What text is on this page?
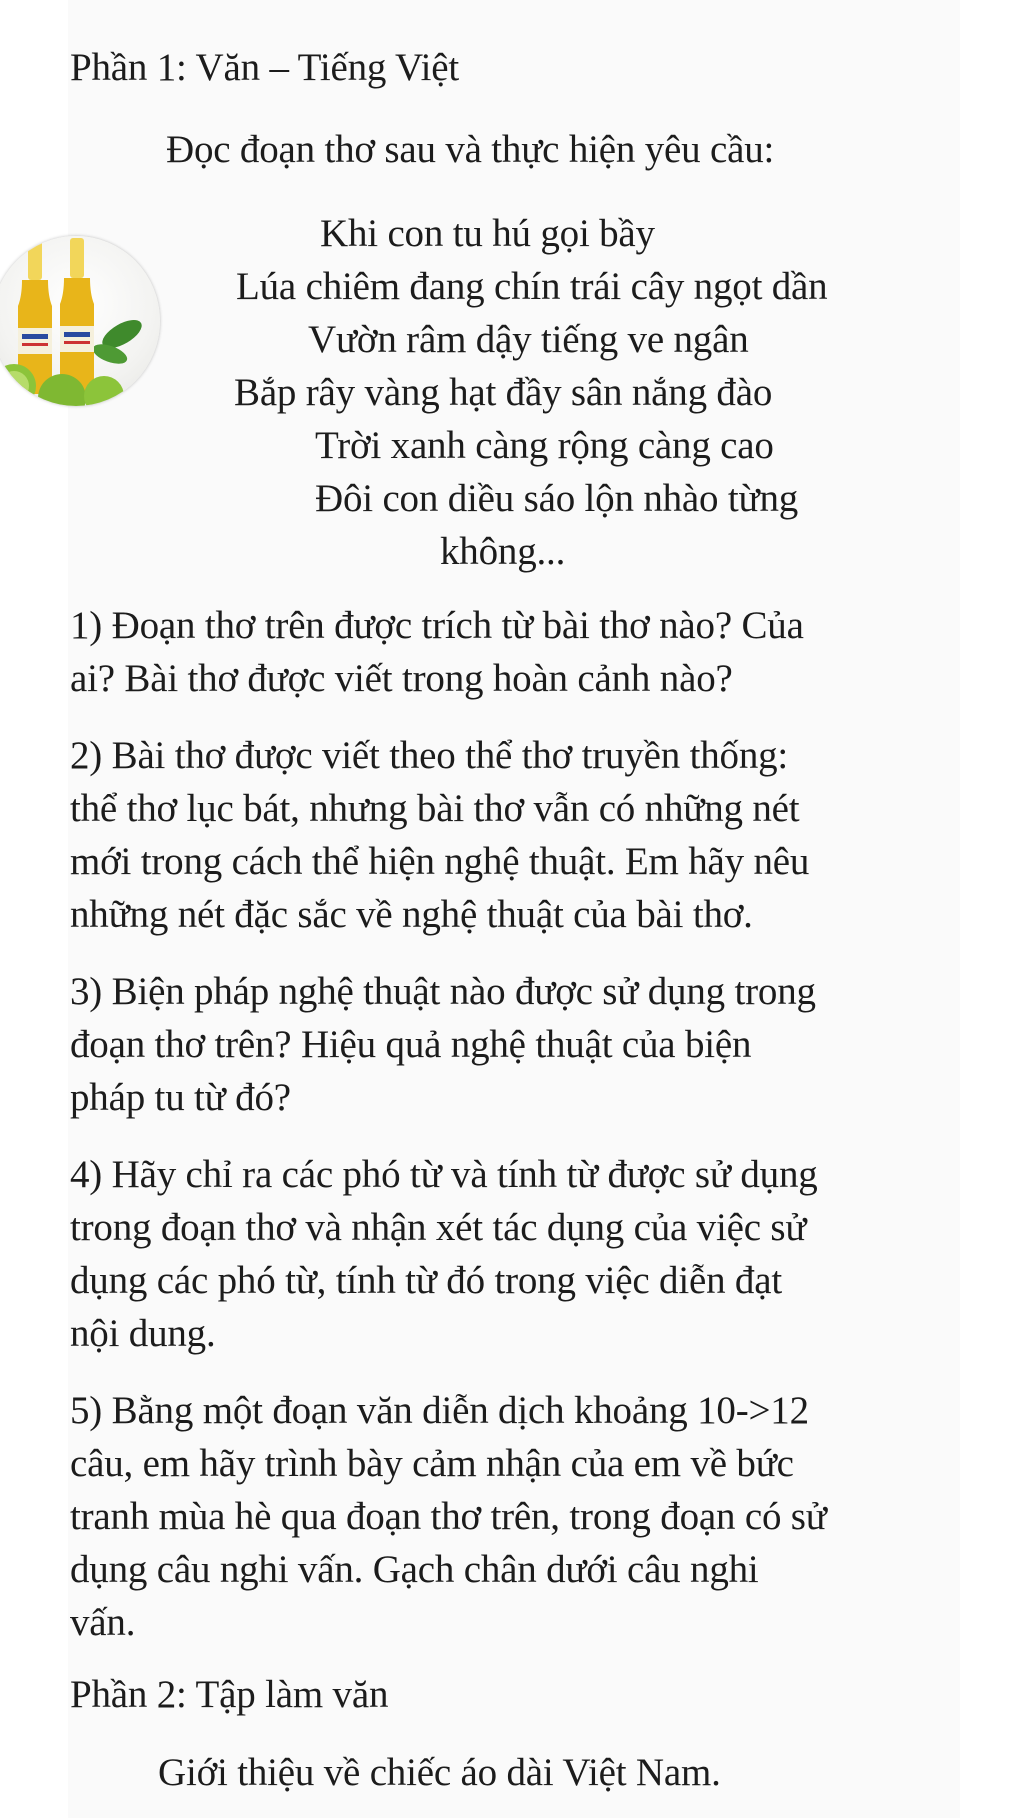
Phần 1: Văn – Tiếng Việt
Đọc đoạn thơ sau và thực hiện yêu cầu:
Khi con tu hú gọi bầy
Lúa chiêm đang chín trái cây ngọt dần
Vườn râm dậy tiếng ve ngân
Bắp rây vàng hạt đầy sân nắng đào
Trời xanh càng rộng càng cao
Đôi con diều sáo lộn nhào từng
không...
1) Đoạn thơ trên được trích từ bài thơ nào? Của
ai? Bài thơ được viết trong hoàn cảnh nào?
2) Bài thơ được viết theo thể thơ truyền thống:
thể thơ lục bát, nhưng bài thơ vẫn có những nét
mới trong cách thể hiện nghệ thuật. Em hãy nêu
những nét đặc sắc về nghệ thuật của bài thơ.
3) Biện pháp nghệ thuật nào được sử dụng trong
đoạn thơ trên? Hiệu quả nghệ thuật của biện
pháp tu từ đó?
4) Hãy chỉ ra các phó từ và tính từ được sử dụng
trong đoạn thơ và nhận xét tác dụng của việc sử
dụng các phó từ, tính từ đó trong việc diễn đạt
nội dung.
5) Bằng một đoạn văn diễn dịch khoảng 10->12
câu, em hãy trình bày cảm nhận của em về bức
tranh mùa hè qua đoạn thơ trên, trong đoạn có sử
dụng câu nghi vấn. Gạch chân dưới câu nghi
vấn.
Phần 2: Tập làm văn
Giới thiệu về chiếc áo dài Việt Nam.
